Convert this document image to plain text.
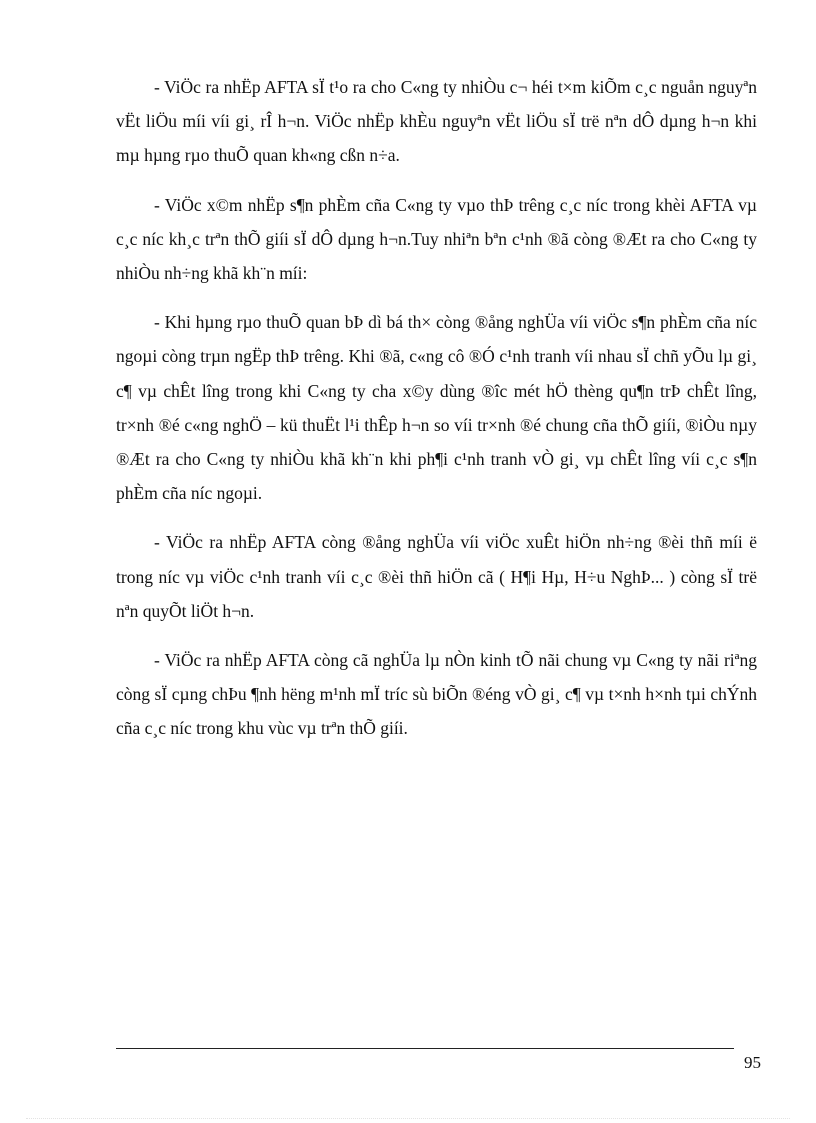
- ViÖc ra nhËp AFTA sÏ t¹o ra cho C«ng ty nhiÒu c¬ héi t×m kiÕm c¸c nguån nguyªn vËt liÖu míi víi gi¸ rÎ h¬n. ViÖc nhËp khÈu nguyªn vËt liÖu sÏ trë nªn dÔ dµng h¬n khi mµ hµng rµo thuÕ quan kh«ng cßn n÷a.

- ViÖc x©m nhËp s¶n phÈm cña C«ng ty vµo thÞ trêng c¸c níc trong khèi AFTA vµ c¸c níc kh¸c trªn thÕ giíi sÏ dÔ dµng h¬n.Tuy nhiªn bªn c¹nh ®ã còng ®Æt ra cho C«ng ty nhiÒu nh÷ng khã kh¨n míi:

- Khi hµng rµo thuÕ quan bÞ dì bá th× còng ®ång nghÜa víi viÖc s¶n phÈm cña níc ngoµi còng trµn ngËp thÞ trêng. Khi ®ã, c«ng cô ®Ó c¹nh tranh víi nhau sÏ chñ yÕu lµ gi¸ c¶ vµ chÊt lîng trong khi C«ng ty cha x©y dùng ®îc mét hÖ thèng qu¶n trÞ chÊt lîng, tr×nh ®é c«ng nghÖ – kü thuËt l¹i thÊp h¬n so víi tr×nh ®é chung cña thÕ giíi, ®iÒu nµy ®Æt ra cho C«ng ty nhiÒu khã kh¨n khi ph¶i c¹nh tranh vÒ gi¸ vµ chÊt lîng víi c¸c s¶n phÈm cña níc ngoµi.

- ViÖc ra nhËp AFTA còng ®ång nghÜa víi viÖc xuÊt hiÖn nh÷ng ®èi thñ míi ë trong níc vµ viÖc c¹nh tranh víi c¸c ®èi thñ hiÖn cã ( H¶i Hµ, H÷u NghÞ... ) còng sÏ trë nªn quyÕt liÖt h¬n.

- ViÖc ra nhËp AFTA còng cã nghÜa lµ nÒn kinh tÕ nãi chung vµ C«ng ty nãi riªng còng sÏ cµng chÞu ¶nh hëng m¹nh mÏ tríc sù biÕn ®éng vÒ gi¸ c¶ vµ t×nh h×nh tµi chÝnh cña c¸c níc trong khu vùc vµ trªn thÕ giíi.

95
